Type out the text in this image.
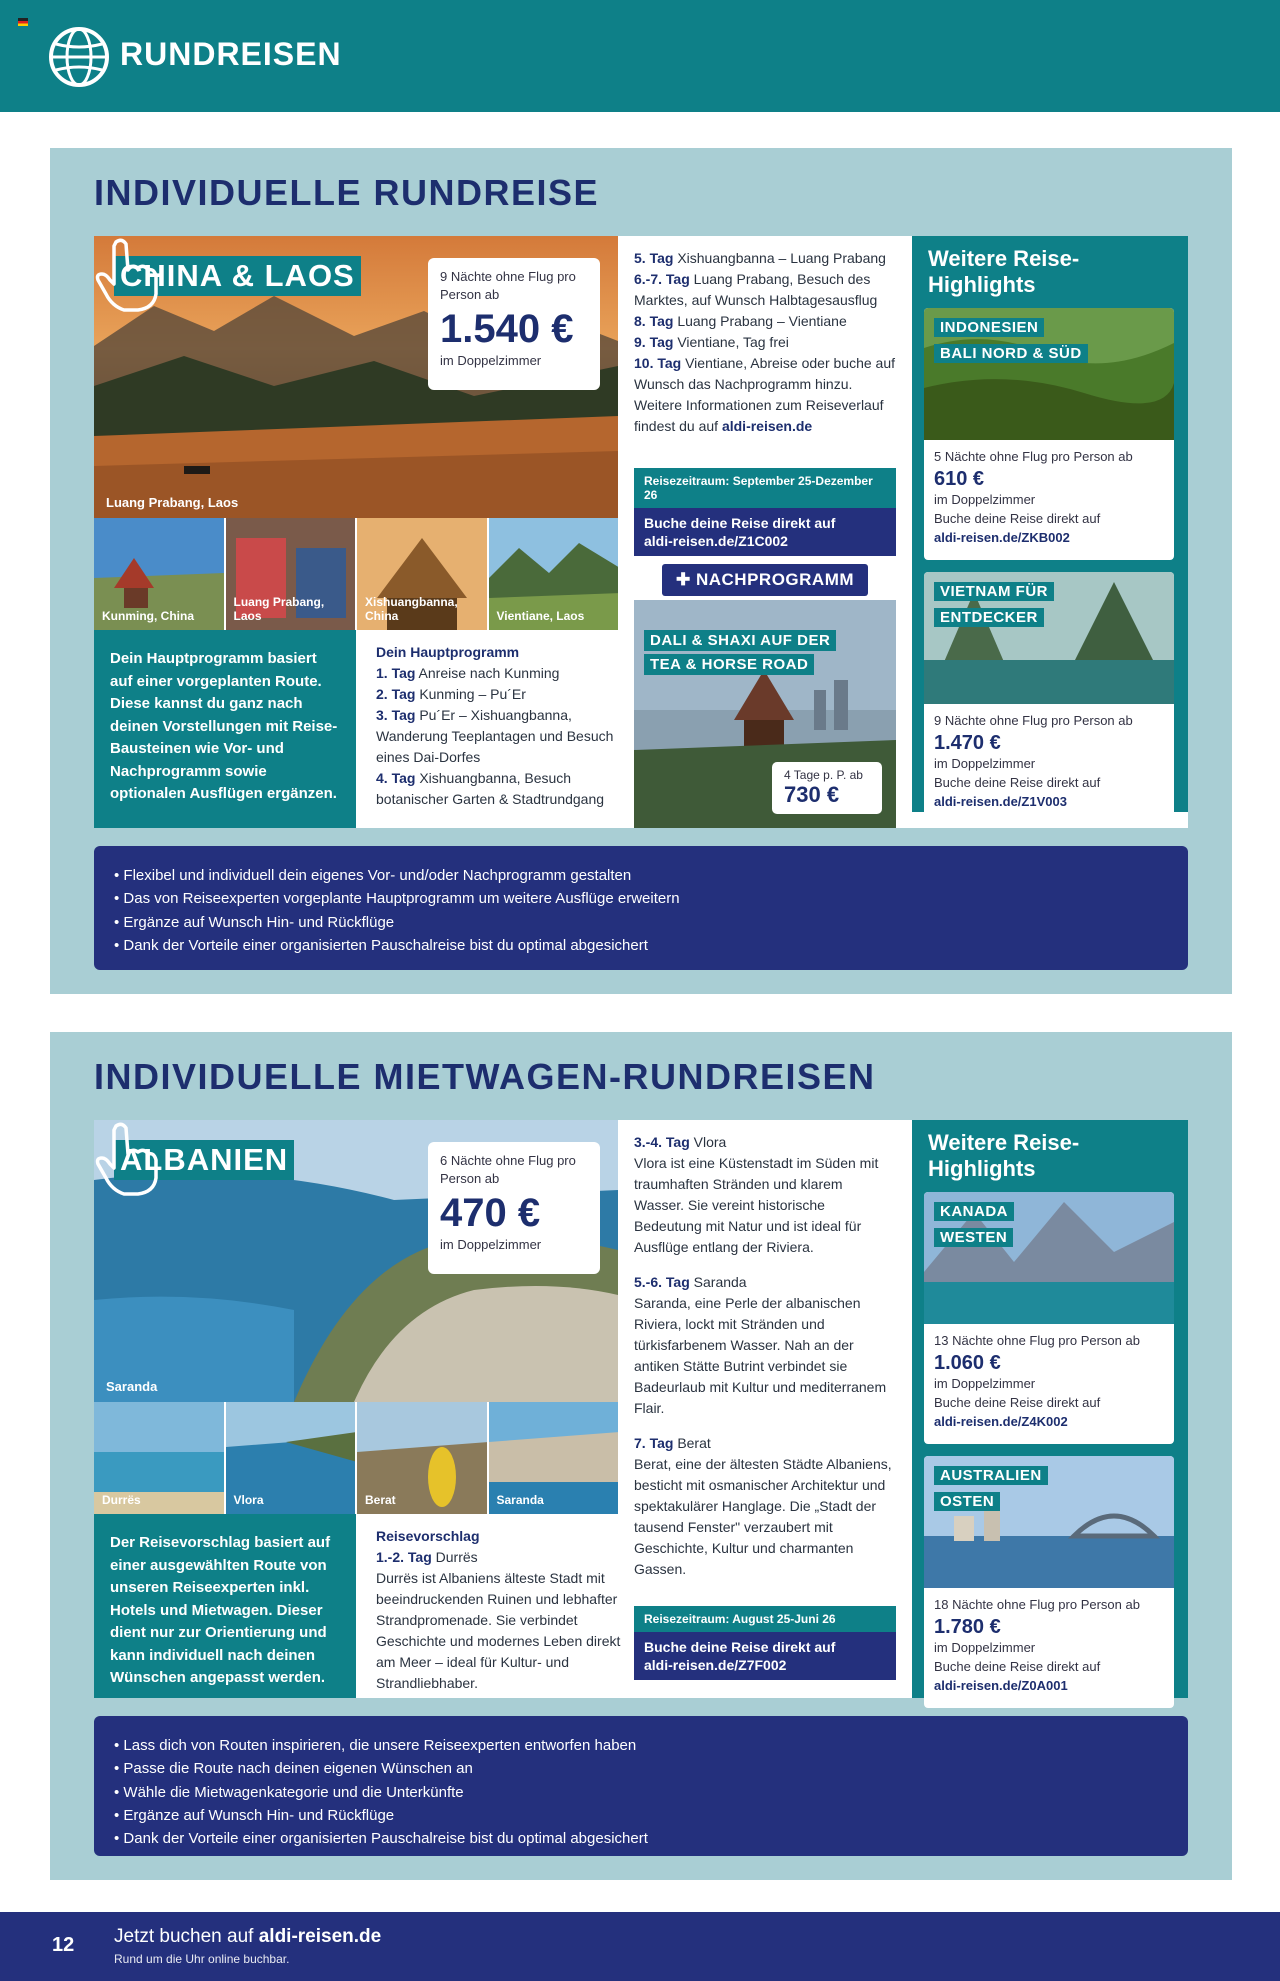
RUNDREISEN
INDIVIDUELLE RUNDREISE
CHINA & LAOS	9 Nächte ohne Flug pro Person ab
1.540 €
im Doppelzimmer
Luang Prabang, Laos
Kunming, China
Luang Prabang, Laos
Xishuangbanna, China	Vientiane, Laos
Dein Hauptprogramm basiert auf einer vorgeplanten Route. Diese kannst du ganz nach deinen Vorstellungen mit Reise-Bausteinen wie Vor- und Nachprogramm sowie optionalen Ausflügen ergänzen.
Dein Hauptprogramm
1. Tag Anreise nach Kunming
2. Tag Kunming – Pu´Er
3. Tag Pu´Er – Xishuangbanna, Wanderung Teeplantagen und Besuch eines Dai-Dorfes
4. Tag Xishuangbanna, Besuch botanischer Garten & Stadtrundgang
5. Tag Xishuangbanna – Luang Prabang
6.-7. Tag Luang Prabang, Besuch des Marktes, auf Wunsch Halbtagesausflug
8. Tag Luang Prabang – Vientiane
9. Tag Vientiane, Tag frei
10. Tag Vientiane, Abreise oder buche auf Wunsch das Nachprogramm hinzu.
Weitere Informationen zum Reiseverlauf findest du auf aldi-reisen.de
Reisezeitraum: September 25-Dezember 26
Buche deine Reise direkt auf
aldi-reisen.de/Z1C002
✚ NACHPROGRAMM
DALI & SHAXI AUF DER
TEA & HORSE ROAD
4 Tage p. P. ab
730 €
Weitere Reise-Highlights
INDONESIEN
BALI NORD & SÜD
5 Nächte ohne Flug pro Person ab
610 €
im Doppelzimmer
Buche deine Reise direkt auf
aldi-reisen.de/ZKB002
VIETNAM FÜR
ENTDECKER
9 Nächte ohne Flug pro Person ab
1.470 €
im Doppelzimmer
Buche deine Reise direkt auf
aldi-reisen.de/Z1V003
• Flexibel und individuell dein eigenes Vor- und/oder Nachprogramm gestalten
• Das von Reiseexperten vorgeplante Hauptprogramm um weitere Ausflüge erweitern
• Ergänze auf Wunsch Hin- und Rückflüge
• Dank der Vorteile einer organisierten Pauschalreise bist du optimal abgesichert
INDIVIDUELLE MIETWAGEN-RUNDREISEN
ALBANIEN	6 Nächte ohne Flug pro Person ab
470 €
im Doppelzimmer
Saranda
Durrës	Vlora	Berat	Saranda
Der Reisevorschlag basiert auf einer ausgewählten Route von unseren Reiseexperten inkl. Hotels und Mietwagen. Dieser dient nur zur Orientierung und kann individuell nach deinen Wünschen angepasst werden.
Reisevorschlag
1.-2. Tag Durrës
Durrës ist Albaniens älteste Stadt mit beeindruckenden Ruinen und lebhafter Strandpromenade. Sie verbindet Geschichte und modernes Leben direkt am Meer – ideal für Kultur- und Strandliebhaber.
3.-4. Tag Vlora
Vlora ist eine Küstenstadt im Süden mit traumhaften Stränden und klarem Wasser. Sie vereint historische Bedeutung mit Natur und ist ideal für Ausflüge entlang der Riviera.
5.-6. Tag Saranda
Saranda, eine Perle der albanischen Riviera, lockt mit Stränden und türkisfarbenem Wasser. Nah an der antiken Stätte Butrint verbindet sie Badeurlaub mit Kultur und mediterranem Flair.
7. Tag Berat
Berat, eine der ältesten Städte Albaniens, besticht mit osmanischer Architektur und spektakulärer Hanglage. Die „Stadt der tausend Fenster" verzaubert mit Geschichte, Kultur und charmanten Gassen.
Reisezeitraum: August 25-Juni 26
Buche deine Reise direkt auf
aldi-reisen.de/Z7F002
Weitere Reise-Highlights
KANADA
WESTEN
13 Nächte ohne Flug pro Person ab
1.060 €
im Doppelzimmer
Buche deine Reise direkt auf
aldi-reisen.de/Z4K002
AUSTRALIEN
OSTEN
18 Nächte ohne Flug pro Person ab
1.780 €
im Doppelzimmer
Buche deine Reise direkt auf
aldi-reisen.de/Z0A001
• Lass dich von Routen inspirieren, die unsere Reiseexperten entworfen haben
• Passe die Route nach deinen eigenen Wünschen an
• Wähle die Mietwagenkategorie und die Unterkünfte
• Ergänze auf Wunsch Hin- und Rückflüge
• Dank der Vorteile einer organisierten Pauschalreise bist du optimal abgesichert
12 Jetzt buchen auf aldi-reisen.de
Rund um die Uhr online buchbar.
